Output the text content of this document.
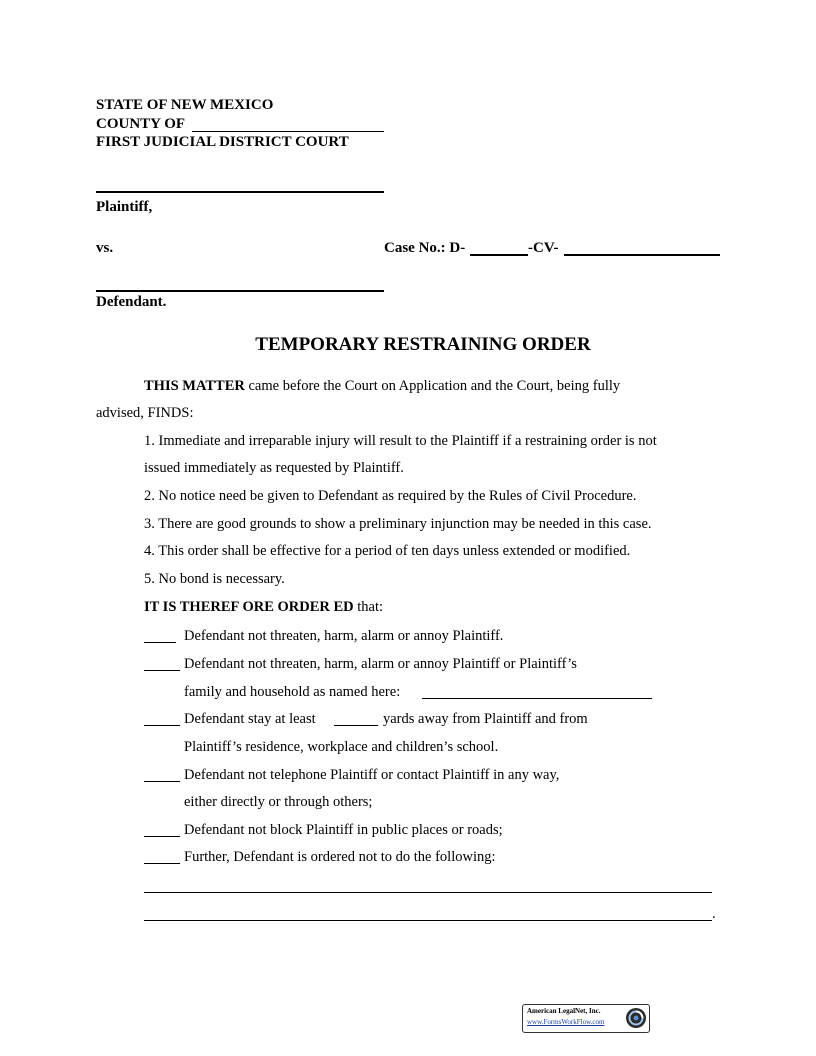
STATE OF NEW MEXICO
COUNTY OF
FIRST JUDICIAL DISTRICT COURT
Plaintiff,
vs.	Case No.: D-	-CV-
Defendant.
TEMPORARY RESTRAINING ORDER
THIS MATTER came before the Court on Application and the Court, being fully
advised, FINDS:
1. Immediate and irreparable injury will result to the Plaintiff if a restraining order is not
issued immediately as requested by Plaintiff.
2. No notice need be given to Defendant as required by the Rules of Civil Procedure.
3. There are good grounds to show a preliminary injunction may be needed in this case.
4. This order shall be effective for a period of ten days unless extended or modified.
5. No bond is necessary.
IT IS THEREF ORE ORDER ED that:
Defendant not threaten, harm, alarm or annoy Plaintiff.
Defendant not threaten, harm, alarm or annoy Plaintiff or Plaintiff’s
family and household as named here:
Defendant stay at least	yards away from Plaintiff and from
Plaintiff’s residence, workplace and children’s school.
Defendant not telephone Plaintiff or contact Plaintiff in any way,
either directly or through others;
Defendant not block Plaintiff in public places or roads;
Further, Defendant is ordered not to do the following:
.
American LegalNet, Inc.
www.FormsWorkFlow.com
